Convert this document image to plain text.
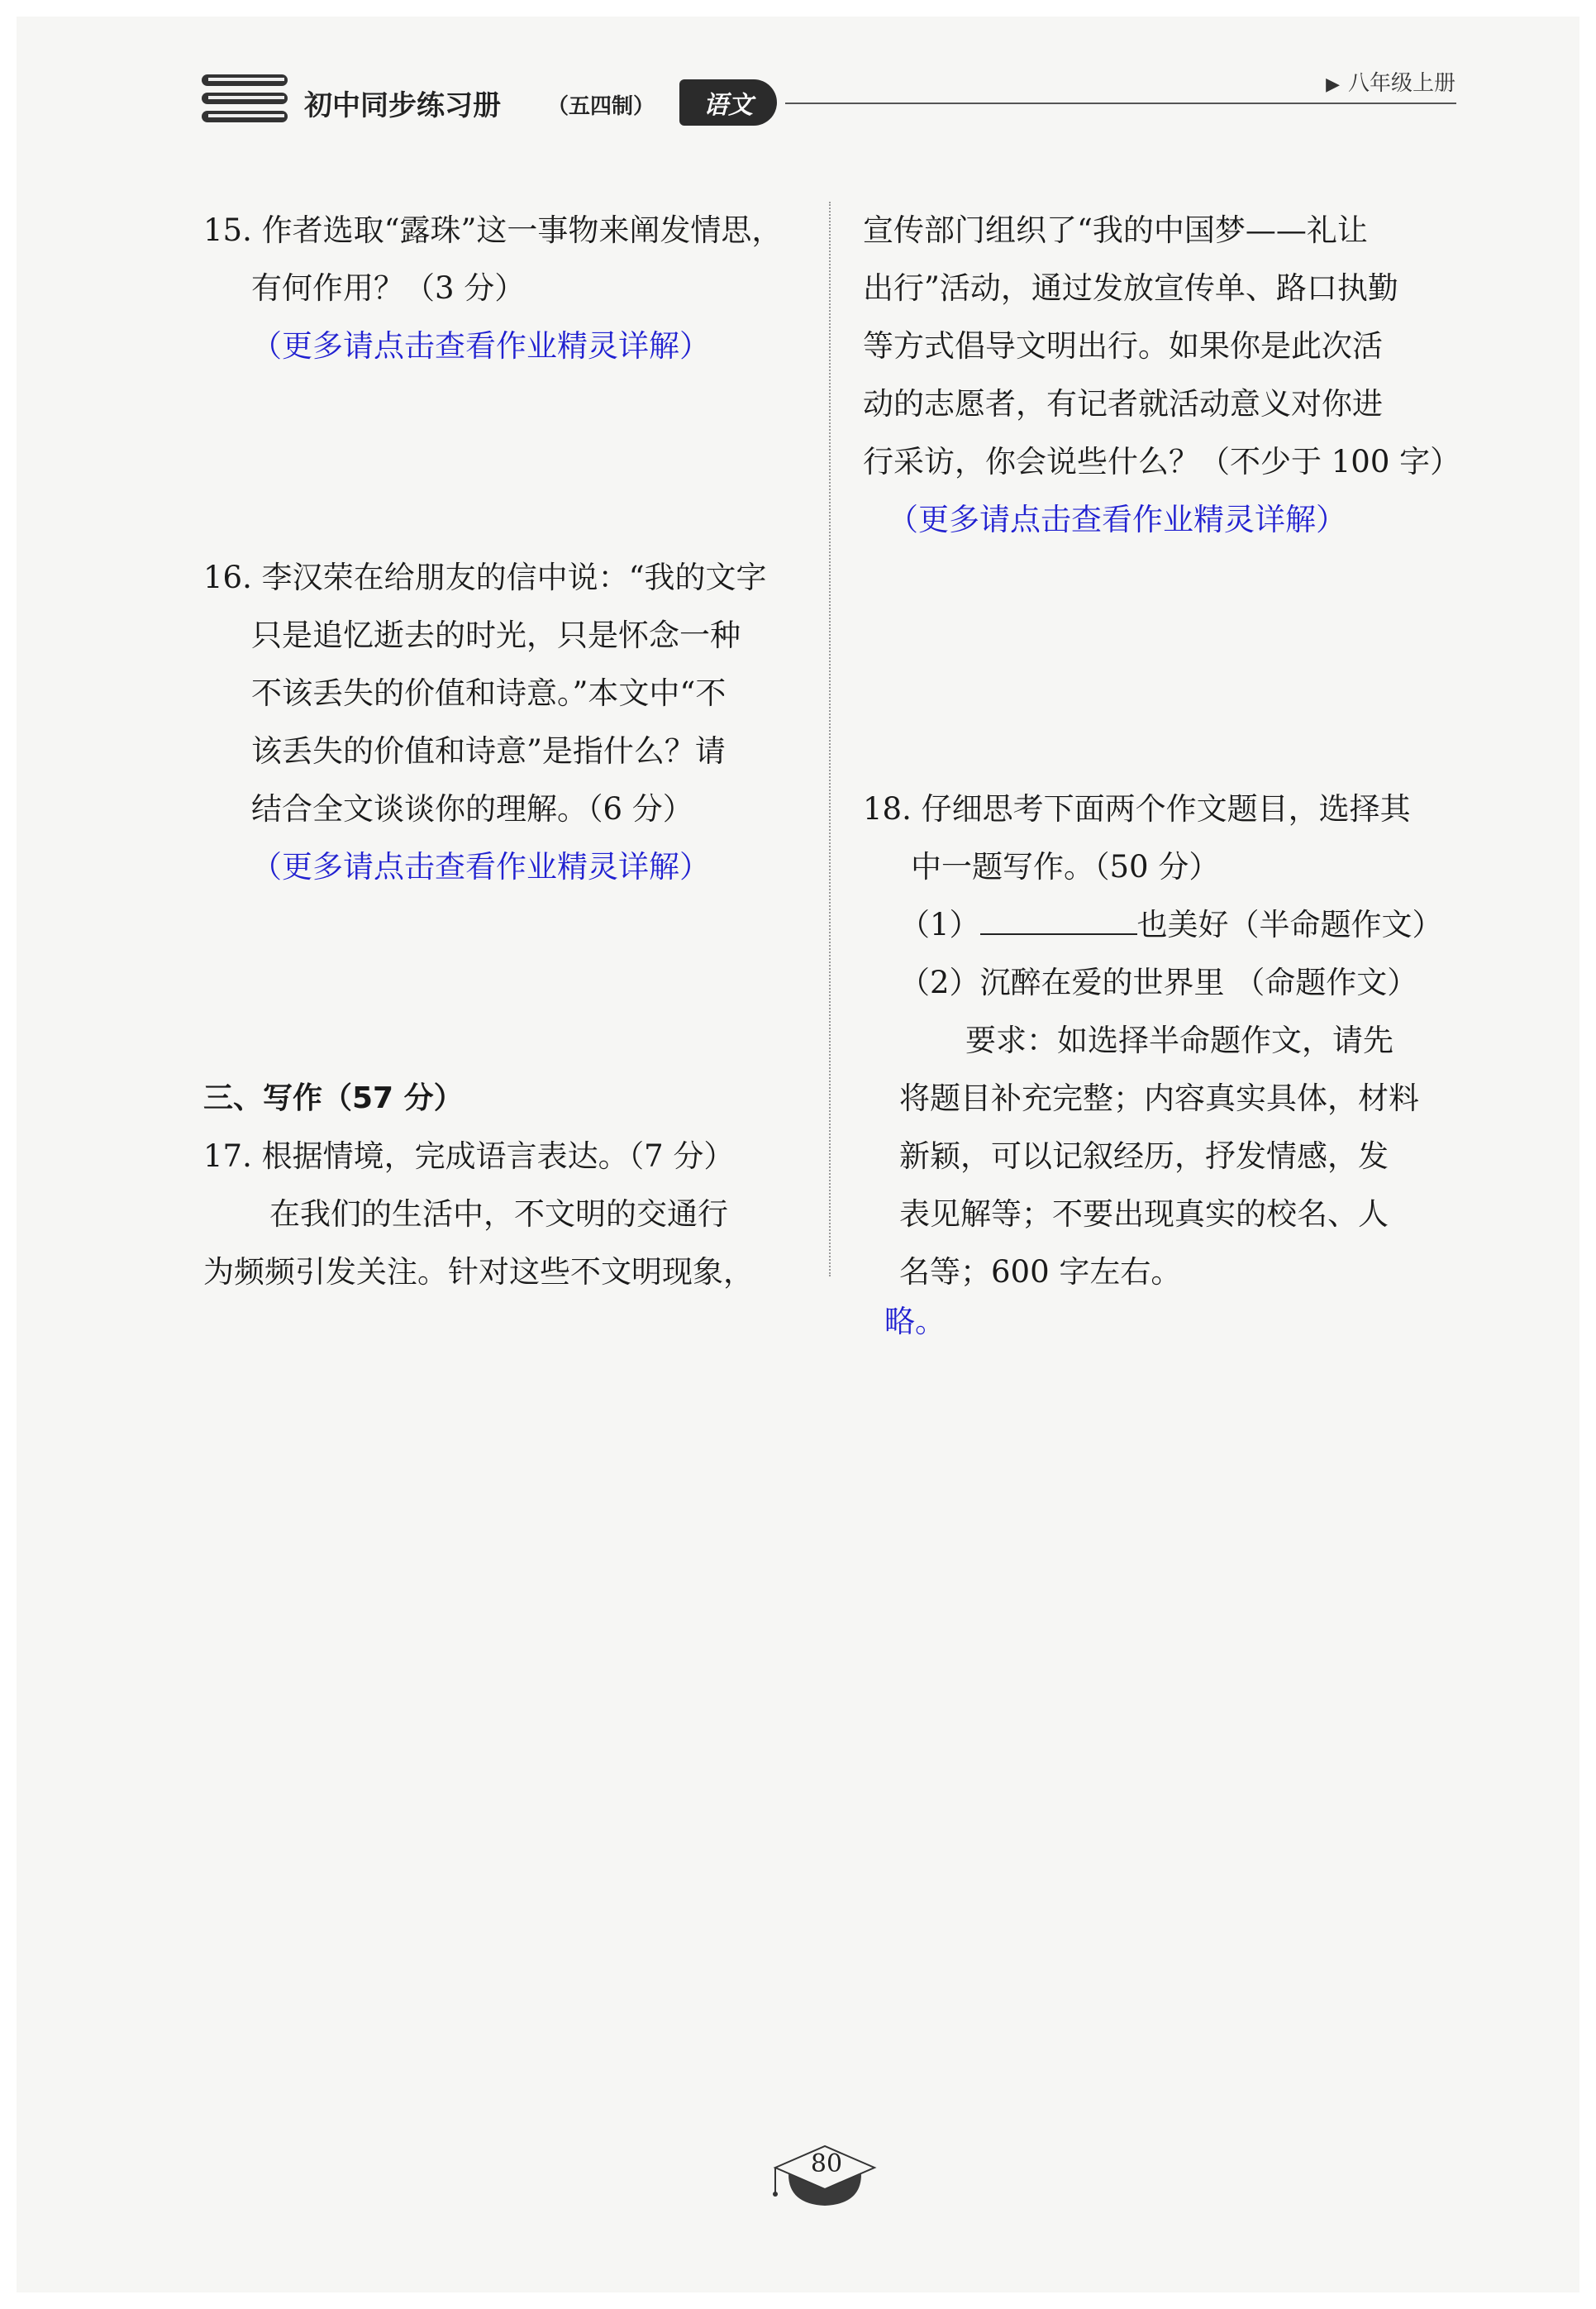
初中同步练习册 （五四制）	语文
▶ 八年级上册

15. 作者选取“露珠”这一事物来阐发情思，

有何作用？（3 分）

（更多请点击查看作业精灵详解）

16. 李汉荣在给朋友的信中说：“我的文字

只是追忆逝去的时光，只是怀念一种

不该丢失的价值和诗意。”本文中“不

该丢失的价值和诗意”是指什么？请

结合全文谈谈你的理解。（6 分）

（更多请点击查看作业精灵详解）

三、写作（57 分）

17. 根据情境，完成语言表达。（7 分）

在我们的生活中，不文明的交通行

为频频引发关注。针对这些不文明现象，

宣传部门组织了“我的中国梦——礼让

出行”活动，通过发放宣传单、路口执勤

等方式倡导文明出行。如果你是此次活

动的志愿者，有记者就活动意义对你进

行采访，你会说些什么？（不少于 100 字）

（更多请点击查看作业精灵详解）

18. 仔细思考下面两个作文题目，选择其

中一题写作。（50 分）

（1）	也美好（半命题作文）

（2）沉醉在爱的世界里 （命题作文）

要求：如选择半命题作文，请先

将题目补充完整；内容真实具体，材料

新颖，可以记叙经历，抒发情感，发

表见解等；不要出现真实的校名、人

名等；600 字左右。

略。

80
